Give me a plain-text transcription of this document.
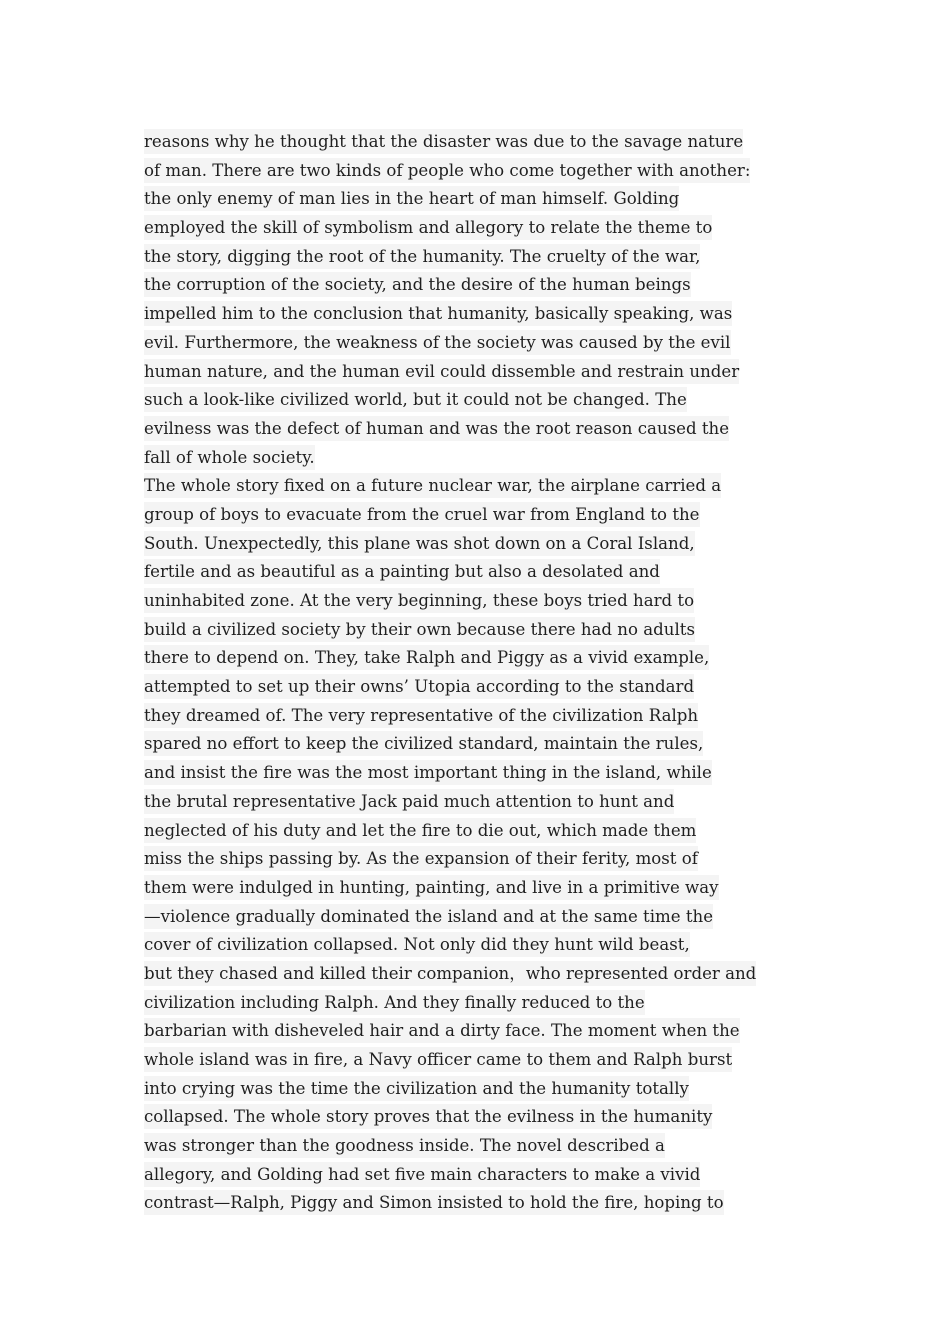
reasons why he thought that the disaster was due to the savage nature
of man. There are two kinds of people who come together with another:
the only enemy of man lies in the heart of man himself. Golding
employed the skill of symbolism and allegory to relate the theme to
the story, digging the root of the humanity. The cruelty of the war,
the corruption of the society, and the desire of the human beings
impelled him to the conclusion that humanity, basically speaking, was
evil. Furthermore, the weakness of the society was caused by the evil
human nature, and the human evil could dissemble and restrain under
such a look-like civilized world, but it could not be changed. The
evilness was the defect of human and was the root reason caused the
fall of whole society.
The whole story fixed on a future nuclear war, the airplane carried a
group of boys to evacuate from the cruel war from England to the
South. Unexpectedly, this plane was shot down on a Coral Island,
fertile and as beautiful as a painting but also a desolated and
uninhabited zone. At the very beginning, these boys tried hard to
build a civilized society by their own because there had no adults
there to depend on. They, take Ralph and Piggy as a vivid example,
attempted to set up their owns’ Utopia according to the standard
they dreamed of. The very representative of the civilization Ralph
spared no effort to keep the civilized standard, maintain the rules,
and insist the fire was the most important thing in the island, while
the brutal representative Jack paid much attention to hunt and
neglected of his duty and let the fire to die out, which made them
miss the ships passing by. As the expansion of their ferity, most of
them were indulged in hunting, painting, and live in a primitive way
—violence gradually dominated the island and at the same time the
cover of civilization collapsed. Not only did they hunt wild beast,
but they chased and killed their companion，who represented order and
civilization including Ralph. And they finally reduced to the
barbarian with disheveled hair and a dirty face. The moment when the
whole island was in fire, a Navy officer came to them and Ralph burst
into crying was the time the civilization and the humanity totally
collapsed. The whole story proves that the evilness in the humanity
was stronger than the goodness inside. The novel described a
allegory, and Golding had set five main characters to make a vivid
contrast—Ralph, Piggy and Simon insisted to hold the fire, hoping to
